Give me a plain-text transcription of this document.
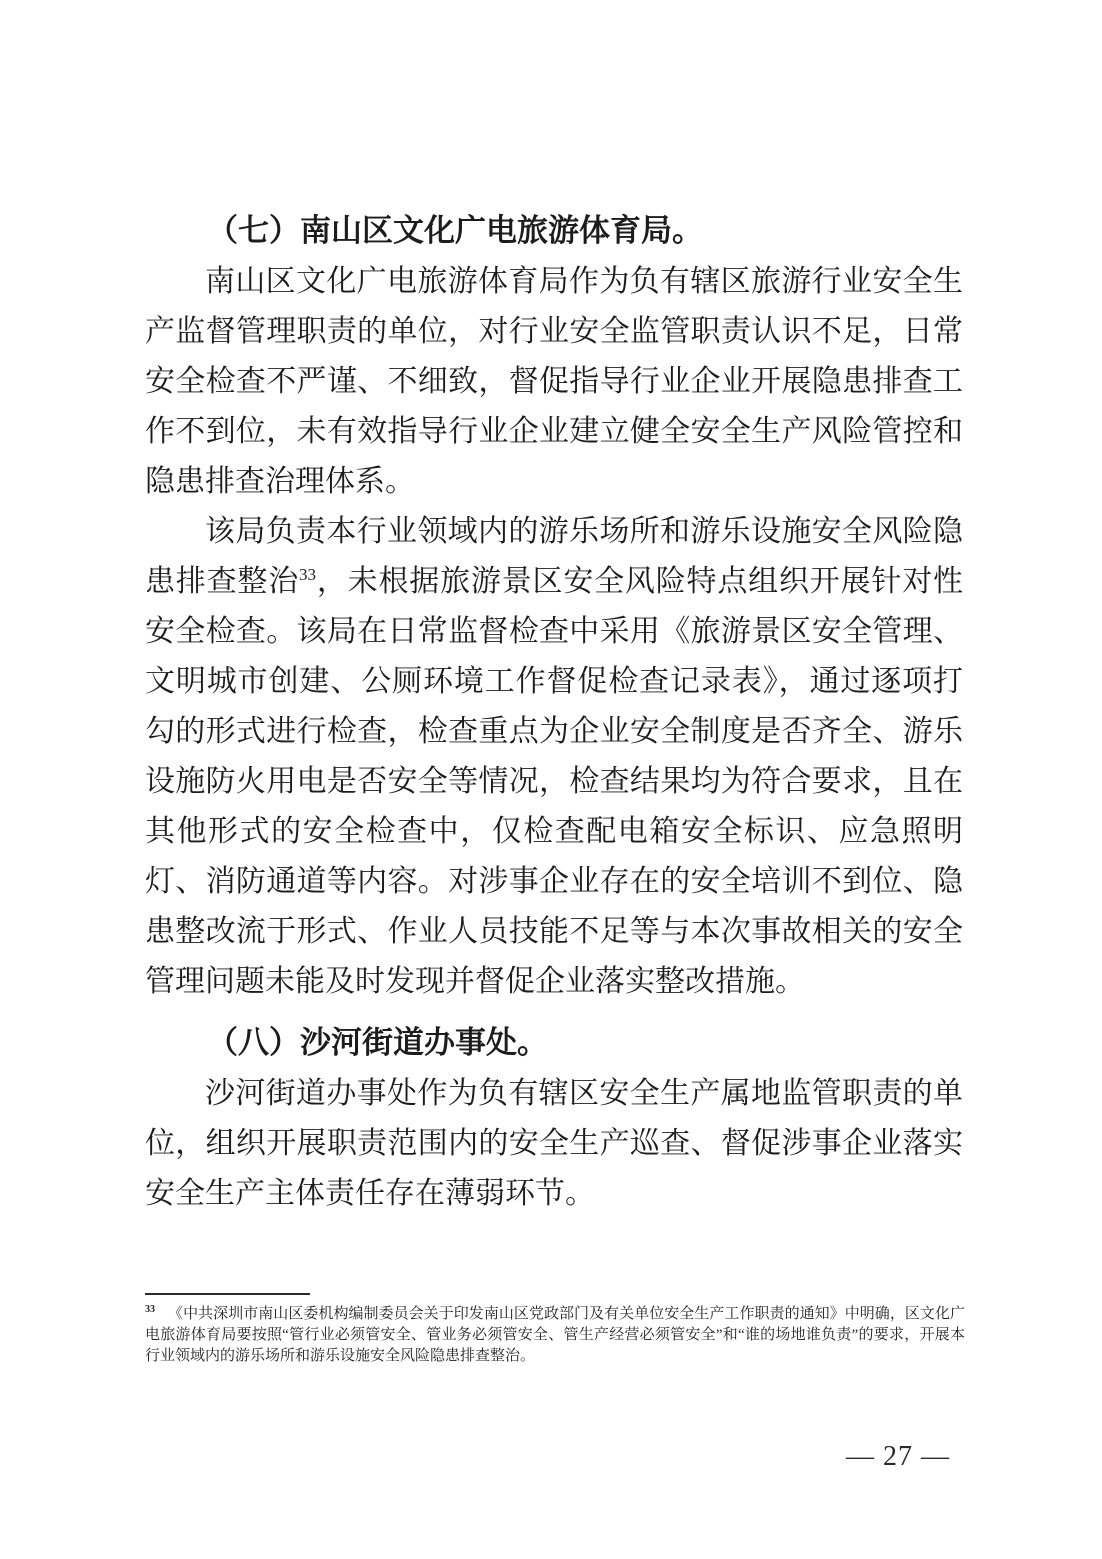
（七）南山区文化广电旅游体育局。

南山区文化广电旅游体育局作为负有辖区旅游行业安全生产监督管理职责的单位，对行业安全监管职责认识不足，日常安全检查不严谨、不细致，督促指导行业企业开展隐患排查工作不到位，未有效指导行业企业建立健全安全生产风险管控和隐患排查治理体系。

该局负责本行业领域内的游乐场所和游乐设施安全风险隐患排查整治$^{33}$，未根据旅游景区安全风险特点组织开展针对性安全检查。该局在日常监督检查中采用《旅游景区安全管理、文明城市创建、公厕环境工作督促检查记录表》，通过逐项打勾的形式进行检查，检查重点为企业安全制度是否齐全、游乐设施防火用电是否安全等情况，检查结果均为符合要求，且在其他形式的安全检查中，仅检查配电箱安全标识、应急照明灯、消防通道等内容。对涉事企业存在的安全培训不到位、隐患整改流于形式、作业人员技能不足等与本次事故相关的安全管理问题未能及时发现并督促企业落实整改措施。

（八）沙河街道办事处。

沙河街道办事处作为负有辖区安全生产属地监管职责的单位，组织开展职责范围内的安全生产巡查、督促涉事企业落实安全生产主体责任存在薄弱环节。

$^{33}$ 《中共深圳市南山区委机构编制委员会关于印发南山区党政部门及有关单位安全生产工作职责的通知》中明确，区文化广电旅游体育局要按照“管行业必须管安全、管业务必须管安全、管生产经营必须管安全”和“谁的场地谁负责”的要求，开展本行业领域内的游乐场所和游乐设施安全风险隐患排查整治。

— 27 —
